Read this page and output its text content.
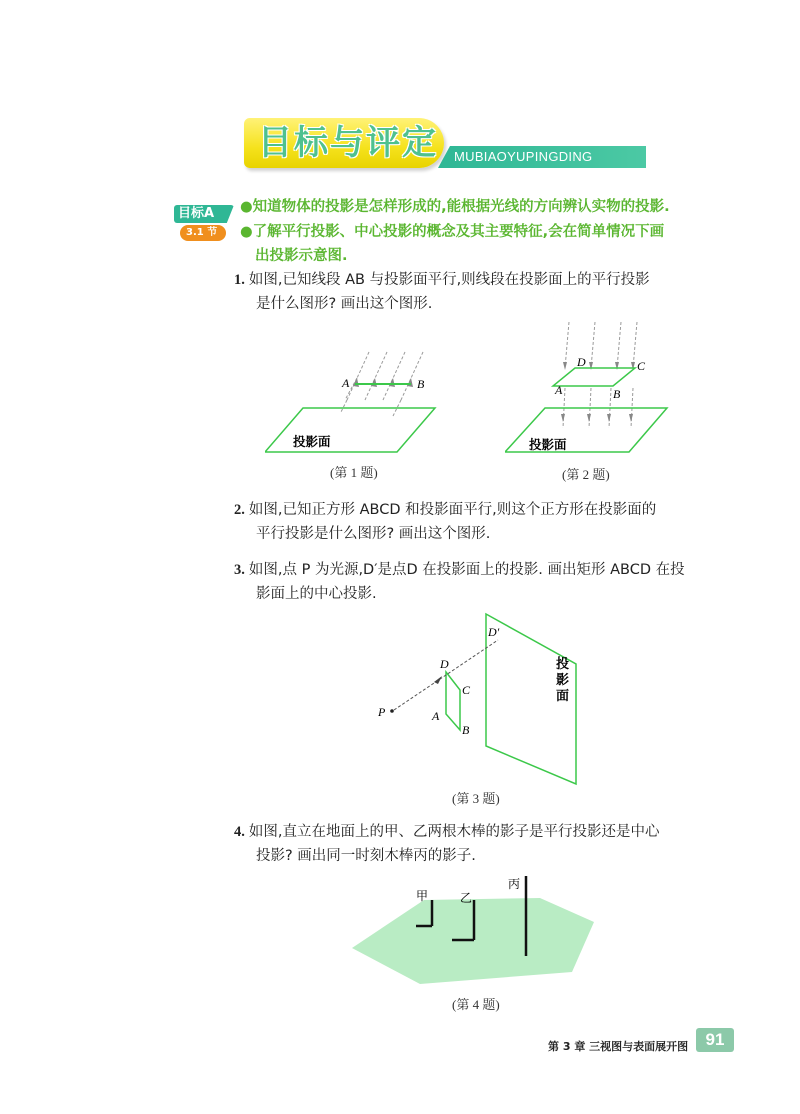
目标与评定 MUBIAOYUPINGDING
目标A
3.1 节
●知道物体的投影是怎样形成的,能根据光线的方向辨认实物的投影.
●了解平行投影、中心投影的概念及其主要特征,会在简单情况下画
出投影示意图.
1. 如图,已知线段 AB 与投影面平行,则线段在投影面上的平行投影
是什么图形? 画出这个图形.
A	B
投影面
(第 1 题)
D	C
A	B
投影面
(第 2 题)
2. 如图,已知正方形 ABCD 和投影面平行,则这个正方形在投影面的
平行投影是什么图形? 画出这个图形.
3. 如图,点 P 为光源,D′是点D 在投影面上的投影. 画出矩形 ABCD 在投
影面上的中心投影.
P
D
C
A
B
D′
投
影
面
(第 3 题)
4. 如图,直立在地面上的甲、乙两根木棒的影子是平行投影还是中心
投影? 画出同一时刻木棒丙的影子.
甲	乙
丙
(第 4 题)
第 3 章 三视图与表面展开图	91
